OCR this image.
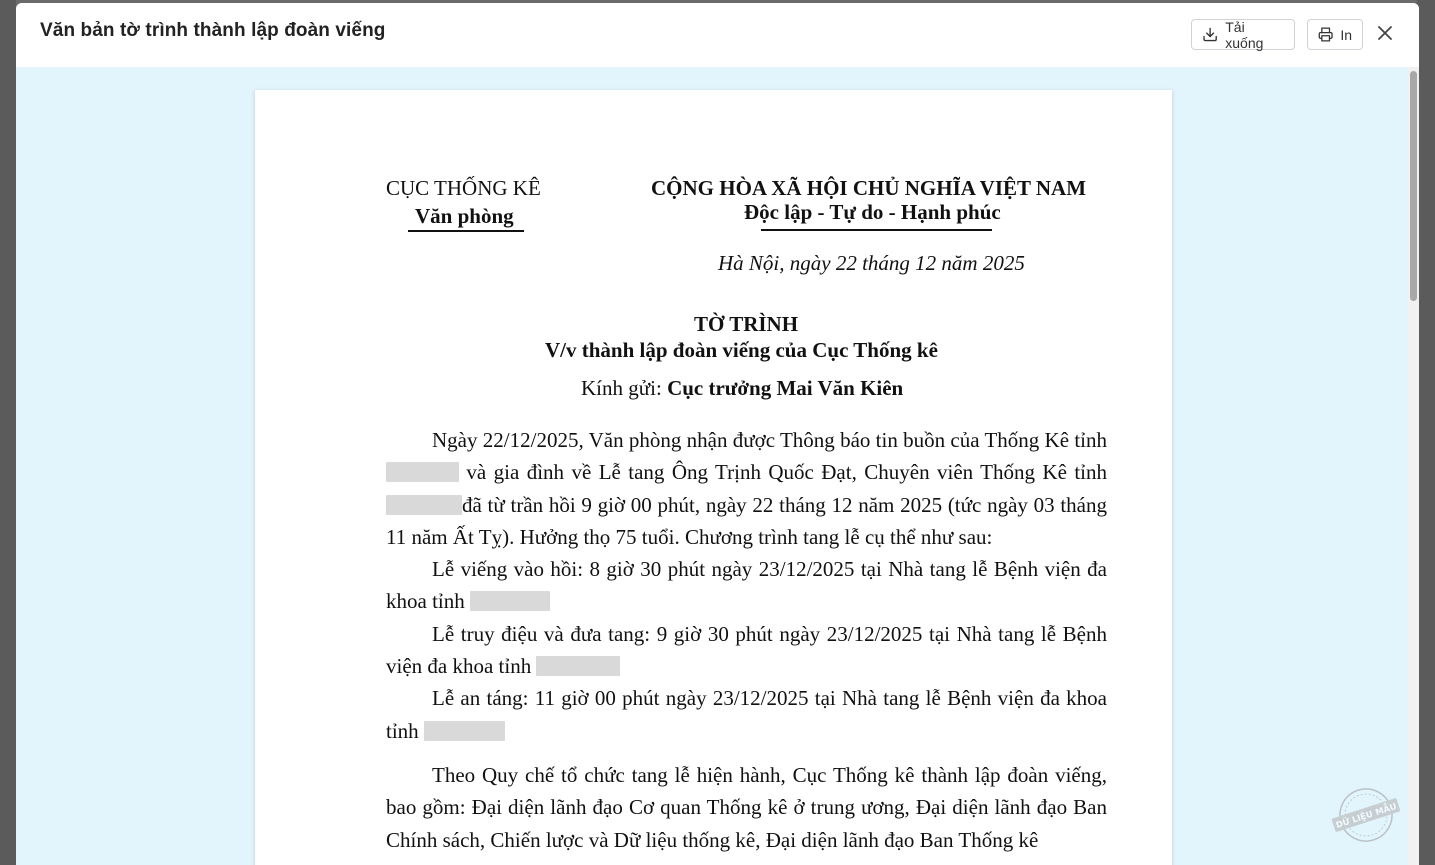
Văn bản tờ trình thành lập đoàn viếng	Tải xuống	In
CỤC THỐNG KÊ
Văn phòng
CỘNG HÒA XÃ HỘI CHỦ NGHĨA VIỆT NAM
Độc lập - Tự do - Hạnh phúc
Hà Nội, ngày 22 tháng 12 năm 2025
TỜ TRÌNH
V/v thành lập đoàn viếng của Cục Thống kê
Kính gửi: Cục trưởng Mai Văn Kiên

Ngày 22/12/2025, Văn phòng nhận được Thông báo tin buồn của Thống Kê tỉnh  và gia đình về Lễ tang Ông Trịnh Quốc Đạt, Chuyên viên Thống Kê tỉnhđã từ trần hồi 9 giờ 00 phút, ngày 22 tháng 12 năm 2025 (tức ngày 03 tháng 11 năm Ất Tỵ). Hưởng thọ 75 tuổi. Chương trình tang lễ cụ thể như sau:

Lễ viếng vào hồi: 8 giờ 30 phút ngày 23/12/2025 tại Nhà tang lễ Bệnh viện đa khoa tỉnh

Lễ truy điệu và đưa tang: 9 giờ 30 phút ngày 23/12/2025 tại Nhà tang lễ Bệnh viện đa khoa tỉnh

Lễ an táng: 11 giờ 00 phút ngày 23/12/2025 tại Nhà tang lễ Bệnh viện đa khoa tỉnh

Theo Quy chế tổ chức tang lễ hiện hành, Cục Thống kê thành lập đoàn viếng, bao gồm: Đại diện lãnh đạo Cơ quan Thống kê ở trung ương, Đại diện lãnh đạo Ban Chính sách, Chiến lược và Dữ liệu thống kê, Đại diện lãnh đạo Ban Thống kê

DỮ LIỆU MẪU
